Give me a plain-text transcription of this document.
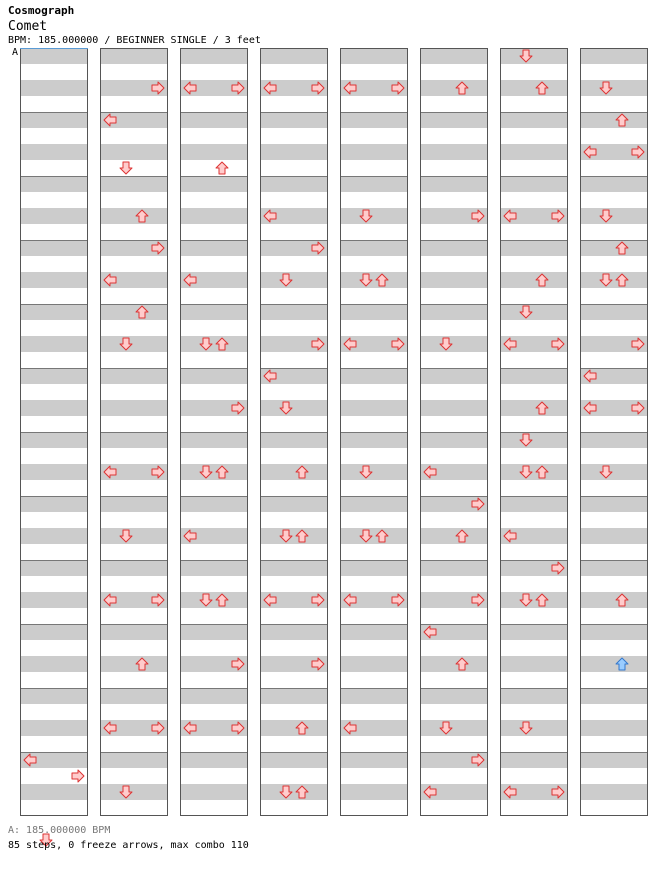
Cosmograph
Comet
BPM: 185.000000 / BEGINNER SINGLE / 3 feet
A
A: 185.000000 BPM
85 steps, 0 freeze arrows, max combo 110
